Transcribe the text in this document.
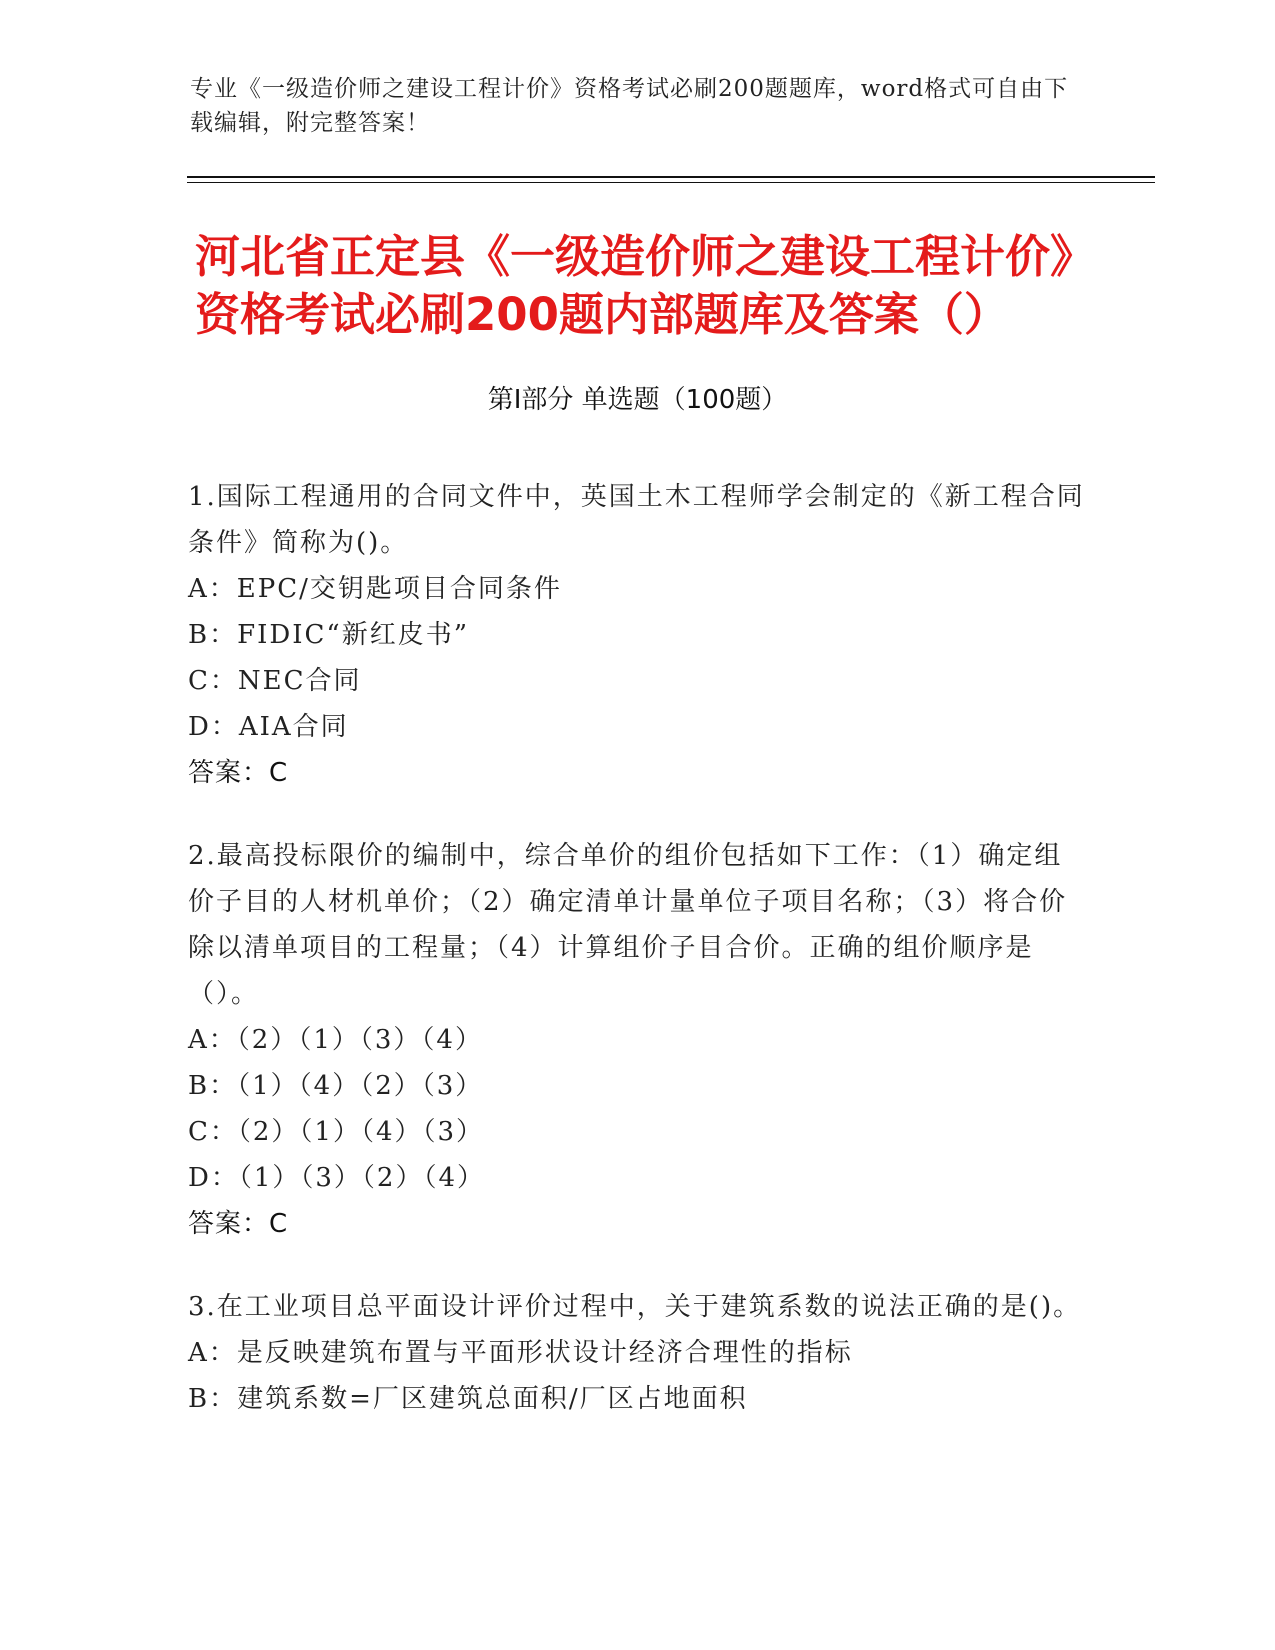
专业《一级造价师之建设工程计价》资格考试必刷200题题库，word格式可自由下载编辑，附完整答案！
河北省正定县《一级造价师之建设工程计价》资格考试必刷200题内部题库及答案（）
第Ⅰ部分 单选题（100题）

1.国际工程通用的合同文件中，英国土木工程师学会制定的《新工程合同条件》简称为()。

A：EPC/交钥匙项目合同条件

B：FIDIC“新红皮书”

C：NEC合同

D：AIA合同

答案：C

2.最高投标限价的编制中，综合单价的组价包括如下工作：（1）确定组价子目的人材机单价；（2）确定清单计量单位子项目名称；（3）将合价除以清单项目的工程量；（4）计算组价子目合价。正确的组价顺序是（）。

A：（2）（1）（3）（4）

B：（1）（4）（2）（3）

C：（2）（1）（4）（3）

D：（1）（3）（2）（4）

答案：C

3.在工业项目总平面设计评价过程中，关于建筑系数的说法正确的是()。

A：是反映建筑布置与平面形状设计经济合理性的指标

B：建筑系数=厂区建筑总面积/厂区占地面积
